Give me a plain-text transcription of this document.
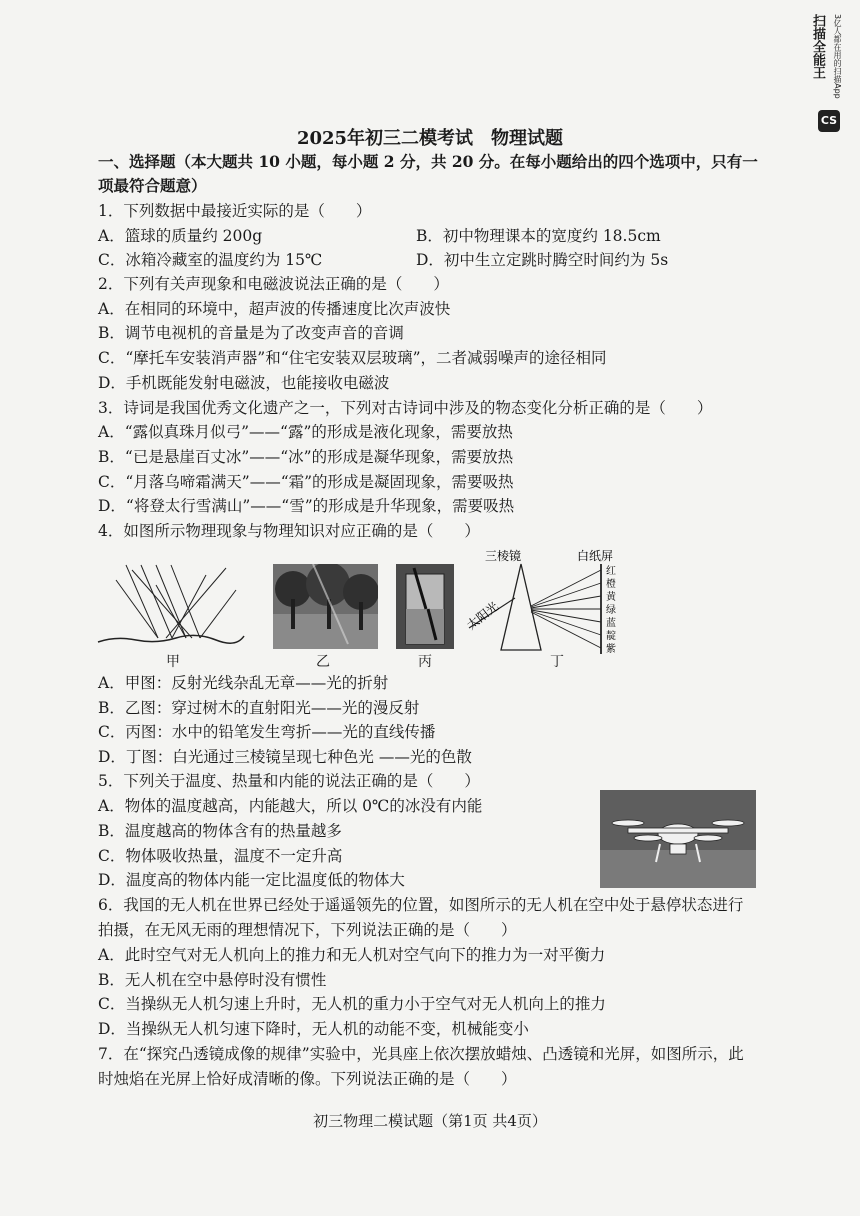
扫描全能王 3亿人都在用的扫描App
CS
2025年初三二模考试　物理试题
一、选择题（本大题共 10 小题，每小题 2 分，共 20 分。在每小题给出的四个选项中，只有一
项最符合题意）
1．下列数据中最接近实际的是（　　）
A．篮球的质量约 200g	B．初中物理课本的宽度约 18.5cm
C．冰箱冷藏室的温度约为 15℃	D．初中生立定跳时腾空时间约为 5s
2．下列有关声现象和电磁波说法正确的是（　　）
A．在相同的环境中，超声波的传播速度比次声波快
B．调节电视机的音量是为了改变声音的音调
C．“摩托车安装消声器”和“住宅安装双层玻璃”，二者减弱噪声的途径相同
D．手机既能发射电磁波，也能接收电磁波
3．诗词是我国优秀文化遗产之一，下列对古诗词中涉及的物态变化分析正确的是（　　）
A．“露似真珠月似弓”——“露”的形成是液化现象，需要放热
B．“已是悬崖百丈冰”——“冰”的形成是凝华现象，需要放热
C．“月落乌啼霜满天”——“霜”的形成是凝固现象，需要吸热
D．“将登太行雪满山”——“雪”的形成是升华现象，需要吸热
4．如图所示物理现象与物理知识对应正确的是（　　）
甲	乙	丙
三棱镜	白纸屏
太阳光
红
橙
黄
绿
蓝
靛
紫
丁
A．甲图：反射光线杂乱无章——光的折射
B．乙图：穿过树木的直射阳光——光的漫反射
C．丙图：水中的铅笔发生弯折——光的直线传播
D．丁图：白光通过三棱镜呈现七种色光 ——光的色散
5．下列关于温度、热量和内能的说法正确的是（　　）
A．物体的温度越高，内能越大，所以 0℃的冰没有内能
B．温度越高的物体含有的热量越多
C．物体吸收热量，温度不一定升高
D．温度高的物体内能一定比温度低的物体大
6．我国的无人机在世界已经处于遥遥领先的位置，如图所示的无人机在空中处于悬停状态进行
拍摄，在无风无雨的理想情况下，下列说法正确的是（　　）
A．此时空气对无人机向上的推力和无人机对空气向下的推力为一对平衡力
B．无人机在空中悬停时没有惯性
C．当操纵无人机匀速上升时，无人机的重力小于空气对无人机向上的推力
D．当操纵无人机匀速下降时，无人机的动能不变，机械能变小
7．在“探究凸透镜成像的规律”实验中，光具座上依次摆放蜡烛、凸透镜和光屏，如图所示，此
时烛焰在光屏上恰好成清晰的像。下列说法正确的是（　　）
初三物理二模试题（第1页 共4页）
